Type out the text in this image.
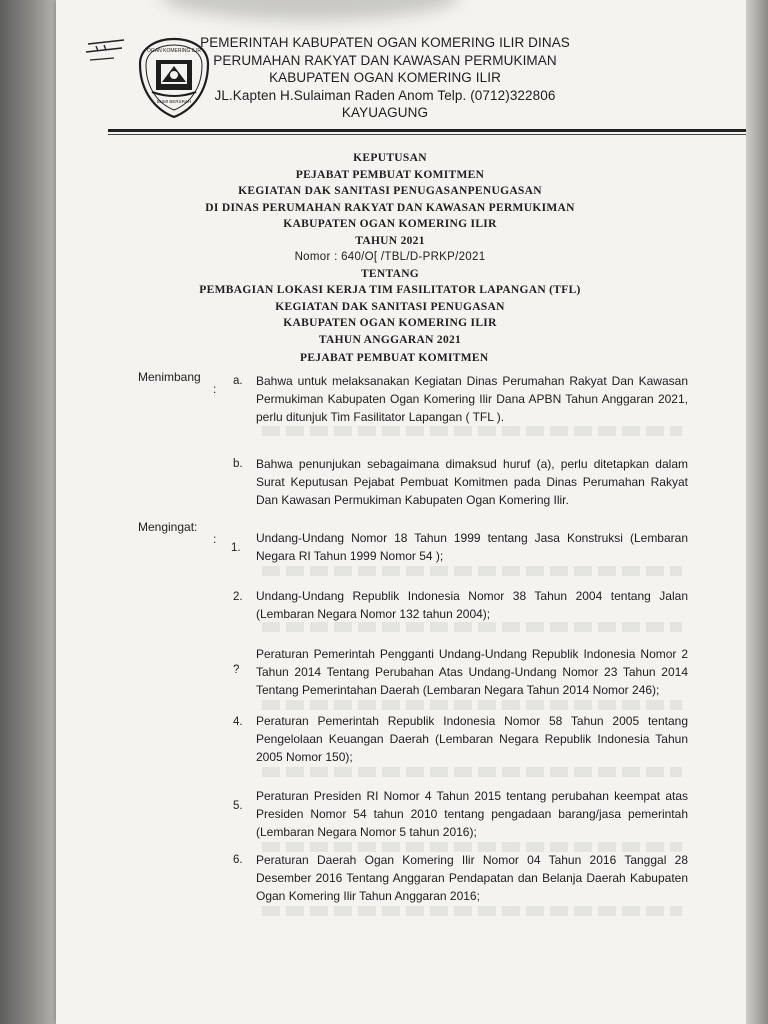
OGAN KOMERING ILIR
BUMI BERSRAH
PEMERINTAH KABUPATEN OGAN KOMERING ILIR DINAS
PERUMAHAN RAKYAT DAN KAWASAN PERMUKIMAN
KABUPATEN OGAN KOMERING ILIR
JL.Kapten H.Sulaiman Raden Anom Telp. (0712)322806
KAYUAGUNG
KEPUTUSAN
PEJABAT PEMBUAT KOMITMEN
KEGIATAN DAK SANITASI PENUGASANPENUGASAN
DI DINAS PERUMAHAN RAKYAT DAN KAWASAN PERMUKIMAN
KABUPATEN OGAN KOMERING ILIR
TAHUN 2021
Nomor : 640/O[ /TBL/D-PRKP/2021
TENTANG
PEMBAGIAN LOKASI KERJA TIM FASILITATOR LAPANGAN (TFL)
KEGIATAN DAK SANITASI PENUGASAN
KABUPATEN OGAN KOMERING ILIR
TAHUN ANGGARAN 2021
PEJABAT PEMBUAT KOMITMEN
Menimbang
:
a. Bahwa untuk melaksanakan Kegiatan Dinas Perumahan Rakyat Dan Kawasan Permukiman Kabupaten Ogan Komering Ilir Dana APBN Tahun Anggaran 2021, perlu ditunjuk Tim Fasilitator Lapangan ( TFL ).
b. Bahwa penunjukan sebagaimana dimaksud huruf (a), perlu ditetapkan dalam Surat Keputusan Pejabat Pembuat Komitmen pada Dinas Perumahan Rakyat Dan Kawasan Permukiman Kabupaten Ogan Komering Ilir.
Mengingat:
:
1.
Undang-Undang Nomor 18 Tahun 1999 tentang Jasa Konstruksi (Lembaran Negara RI Tahun 1999 Nomor 54 );
2. Undang-Undang Republik Indonesia Nomor 38 Tahun 2004 tentang Jalan (Lembaran Negara Nomor 132 tahun 2004);
?
Peraturan Pemerintah Pengganti Undang-Undang Republik Indonesia Nomor 2 Tahun 2014 Tentang Perubahan Atas Undang-Undang Nomor 23 Tahun 2014 Tentang Pemerintahan Daerah (Lembaran Negara Tahun 2014 Nomor 246);
4. Peraturan Pemerintah Republik Indonesia Nomor 58 Tahun 2005 tentang Pengelolaan Keuangan Daerah (Lembaran Negara Republik Indonesia Tahun 2005 Nomor 150);
5.
Peraturan Presiden RI Nomor 4 Tahun 2015 tentang perubahan keempat atas Presiden Nomor 54 tahun 2010 tentang pengadaan barang/jasa pemerintah (Lembaran Negara Nomor 5 tahun 2016);
6. Peraturan Daerah Ogan Komering Ilir Nomor 04 Tahun 2016 Tanggal 28 Desember 2016 Tentang Anggaran Pendapatan dan Belanja Daerah Kabupaten Ogan Komering Ilir Tahun Anggaran 2016;
